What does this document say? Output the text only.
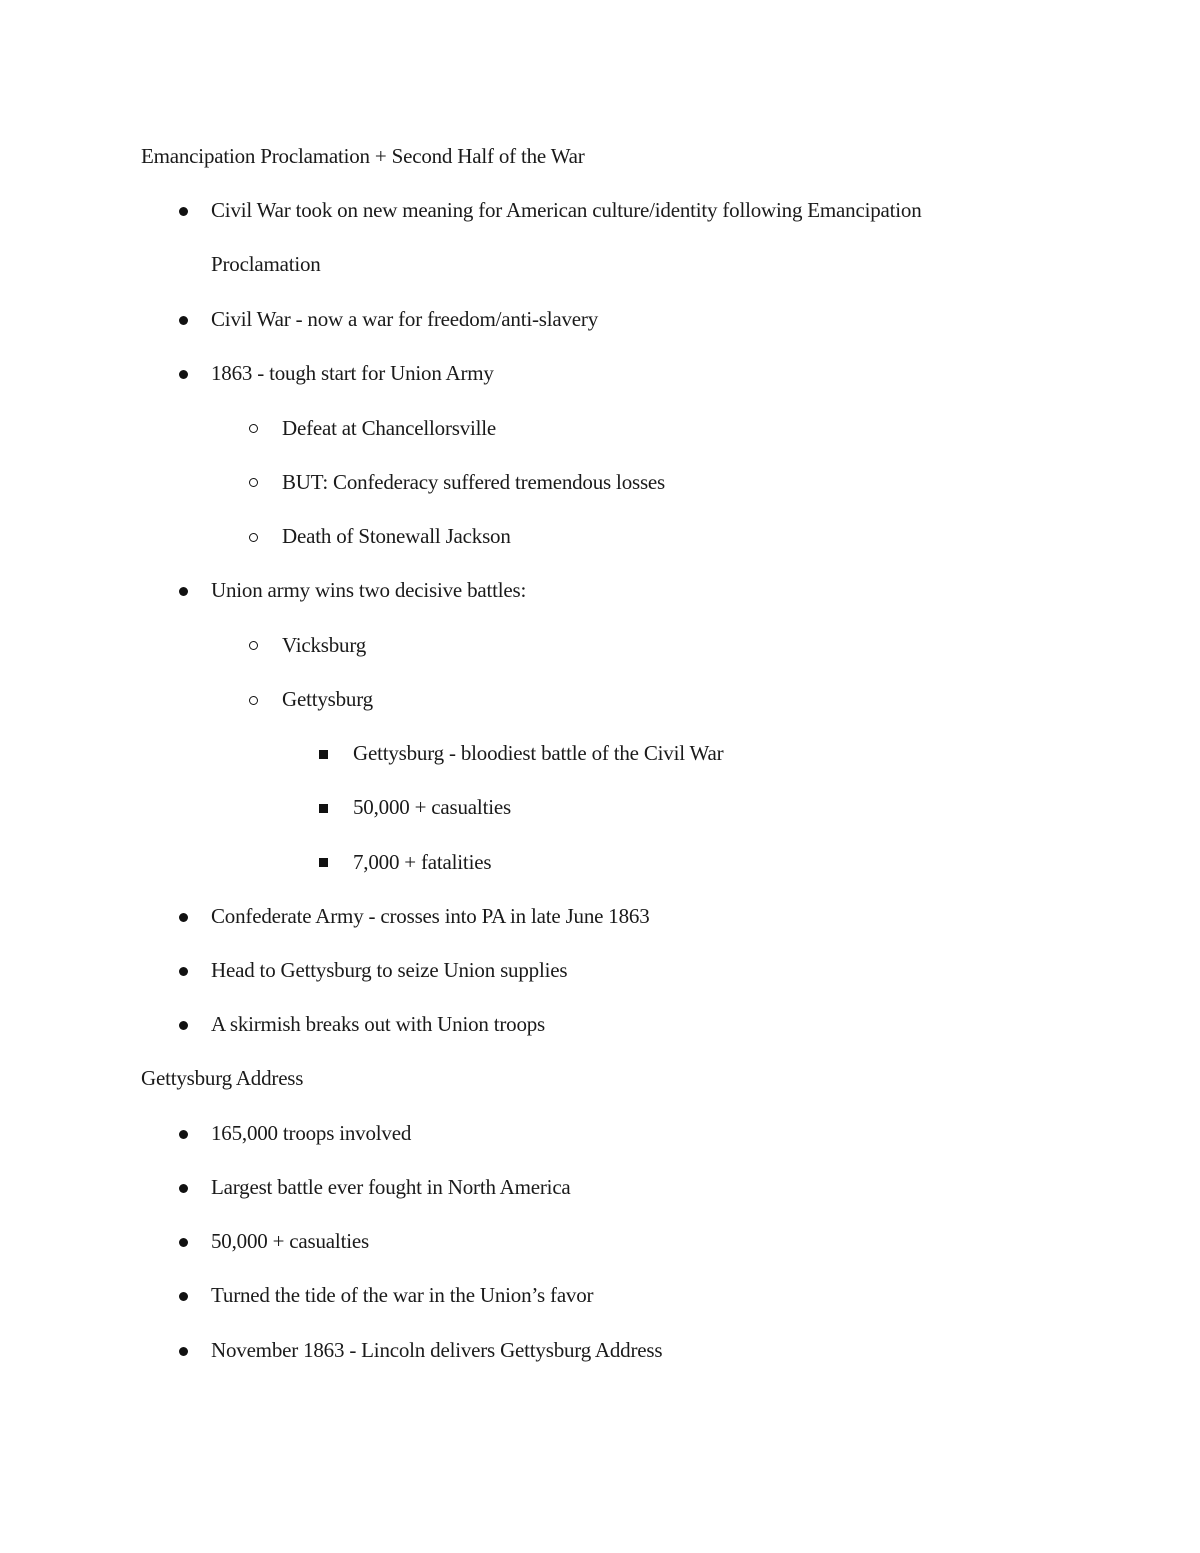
Emancipation Proclamation + Second Half of the War
Civil War took on new meaning for American culture/identity following Emancipation
Proclamation
Civil War - now a war for freedom/anti-slavery
1863 - tough start for Union Army
Defeat at Chancellorsville
BUT: Confederacy suffered tremendous losses
Death of Stonewall Jackson
Union army wins two decisive battles:
Vicksburg
Gettysburg
Gettysburg - bloodiest battle of the Civil War
50,000 + casualties
7,000 + fatalities
Confederate Army - crosses into PA in late June 1863
Head to Gettysburg to seize Union supplies
A skirmish breaks out with Union troops
Gettysburg Address
165,000 troops involved
Largest battle ever fought in North America
50,000 + casualties
Turned the tide of the war in the Union’s favor
November 1863 - Lincoln delivers Gettysburg Address
